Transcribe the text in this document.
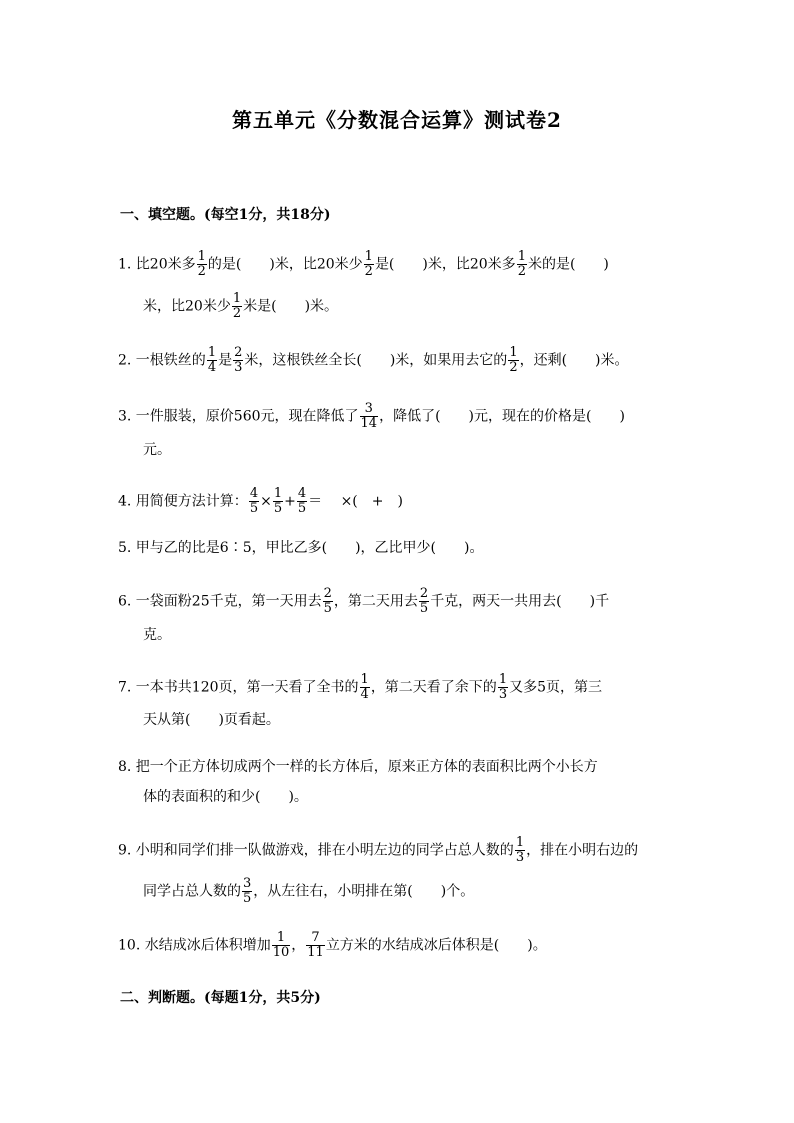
第五单元《分数混合运算》测试卷2
一、填空题。(每空1分，共18分)
1. 比20米多 $\frac{1}{2}$ 的是(　　)米，比20米少 $\frac{1}{2}$ 是(　　)米，比20米多 $\frac{1}{2}$ 米的是(　　)
米，比20米少 $\frac{1}{2}$ 米是(　　)米。
2. 一根铁丝的 $\frac{1}{4}$ 是 $\frac{2}{3}$ 米，这根铁丝全长(　　)米，如果用去它的 $\frac{1}{2}$ ，还剩(　　)米。
3. 一件服装，原价560元，现在降低了 $\frac{3}{14}$ ，降低了(　　)元，现在的价格是(　　)
元。
4. 用简便方法计算： $\frac{4}{5} \times \frac{1}{5} + \frac{4}{5}$ ＝　 ×(　+　)
5. 甲与乙的比是6∶5，甲比乙多(　　)，乙比甲少(　　)。
6. 一袋面粉25千克，第一天用去 $\frac{2}{5}$ ，第二天用去 $\frac{2}{5}$ 千克，两天一共用去(　　)千
克。
7. 一本书共120页，第一天看了全书的 $\frac{1}{4}$ ，第二天看了余下的 $\frac{1}{3}$ 又多5页，第三
天从第(　　)页看起。
8. 把一个正方体切成两个一样的长方体后，原来正方体的表面积比两个小长方
体的表面积的和少(　　)。
9. 小明和同学们排一队做游戏，排在小明左边的同学占总人数的 $\frac{1}{3}$ ，排在小明右边的
同学占总人数的 $\frac{3}{5}$ ，从左往右，小明排在第(　　)个。
10. 水结成冰后体积增加 $\frac{1}{10}$ ， $\frac{7}{11}$ 立方米的水结成冰后体积是(　　)。
二、判断题。(每题1分，共5分)
